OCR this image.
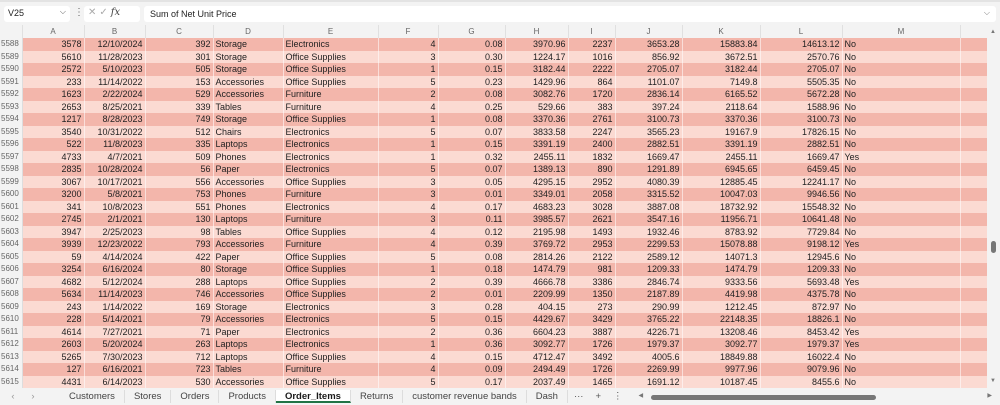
V25	⌵ ⋮ ✕✓fx	Sum of Net Unit Price	⌵
	A	B	C	D	E	F	G	H	I	J	K	L	M	
5588	3578	12/10/2024	392	Storage	Electronics	4	0.08	3970.96	2237	3653.28	15883.84	14613.12	No	
5589	5610	11/28/2023	301	Storage	Office Supplies	3	0.30	1224.17	1016	856.92	3672.51	2570.76	No	
5590	2572	5/10/2023	505	Storage	Office Supplies	1	0.15	3182.44	2222	2705.07	3182.44	2705.07	No	
5591	233	11/14/2022	153	Accessories	Office Supplies	5	0.23	1429.96	864	1101.07	7149.8	5505.35	No	
5592	1623	2/22/2024	529	Accessories	Furniture	2	0.08	3082.76	1720	2836.14	6165.52	5672.28	No	
5593	2653	8/25/2021	339	Tables	Furniture	4	0.25	529.66	383	397.24	2118.64	1588.96	No	
5594	1217	8/28/2023	749	Storage	Office Supplies	1	0.08	3370.36	2761	3100.73	3370.36	3100.73	No	
5595	3540	10/31/2022	512	Chairs	Electronics	5	0.07	3833.58	2247	3565.23	19167.9	17826.15	No	
5596	522	11/8/2023	335	Laptops	Electronics	1	0.15	3391.19	2400	2882.51	3391.19	2882.51	No	
5597	4733	4/7/2021	509	Phones	Electronics	1	0.32	2455.11	1832	1669.47	2455.11	1669.47	Yes	
5598	2835	10/28/2024	56	Paper	Electronics	5	0.07	1389.13	890	1291.89	6945.65	6459.45	No	
5599	3067	10/17/2021	556	Accessories	Office Supplies	3	0.05	4295.15	2952	4080.39	12885.45	12241.17	No	
5600	3200	5/8/2021	753	Phones	Furniture	3	0.01	3349.01	2058	3315.52	10047.03	9946.56	No	
5601	341	10/8/2023	551	Phones	Electronics	4	0.17	4683.23	3028	3887.08	18732.92	15548.32	No	
5602	2745	2/1/2021	130	Laptops	Furniture	3	0.11	3985.57	2621	3547.16	11956.71	10641.48	No	
5603	3947	2/25/2023	98	Tables	Office Supplies	4	0.12	2195.98	1493	1932.46	8783.92	7729.84	No	
5604	3939	12/23/2022	793	Accessories	Furniture	4	0.39	3769.72	2953	2299.53	15078.88	9198.12	Yes	
5605	59	4/14/2024	422	Paper	Office Supplies	5	0.08	2814.26	2122	2589.12	14071.3	12945.6	No	
5606	3254	6/16/2024	80	Storage	Office Supplies	1	0.18	1474.79	981	1209.33	1474.79	1209.33	No	
5607	4682	5/12/2024	288	Laptops	Office Supplies	2	0.39	4666.78	3386	2846.74	9333.56	5693.48	Yes	
5608	5634	11/14/2023	746	Accessories	Office Supplies	2	0.01	2209.99	1350	2187.89	4419.98	4375.78	No	
5609	243	1/14/2022	169	Storage	Electronics	3	0.28	404.15	273	290.99	1212.45	872.97	No	
5610	228	5/14/2021	79	Accessories	Electronics	5	0.15	4429.67	3429	3765.22	22148.35	18826.1	No	
5611	4614	7/27/2021	71	Paper	Electronics	2	0.36	6604.23	3887	4226.71	13208.46	8453.42	Yes	
5612	2603	5/20/2024	263	Laptops	Electronics	1	0.36	3092.77	1726	1979.37	3092.77	1979.37	Yes	
5613	5265	7/30/2023	712	Laptops	Office Supplies	4	0.15	4712.47	3492	4005.6	18849.88	16022.4	No	
5614	127	6/16/2021	723	Tables	Furniture	4	0.09	2494.49	1726	2269.99	9977.96	9079.96	No	
5615	4431	6/14/2023	530	Accessories	Office Supplies	5	0.17	2037.49	1465	1691.12	10187.45	8455.6	No	
▲
▼
‹	›	Customers	Stores	Orders	Products	Order_Items	Returns	customer revenue bands	Dash	···	+	⋮	◀	▶
